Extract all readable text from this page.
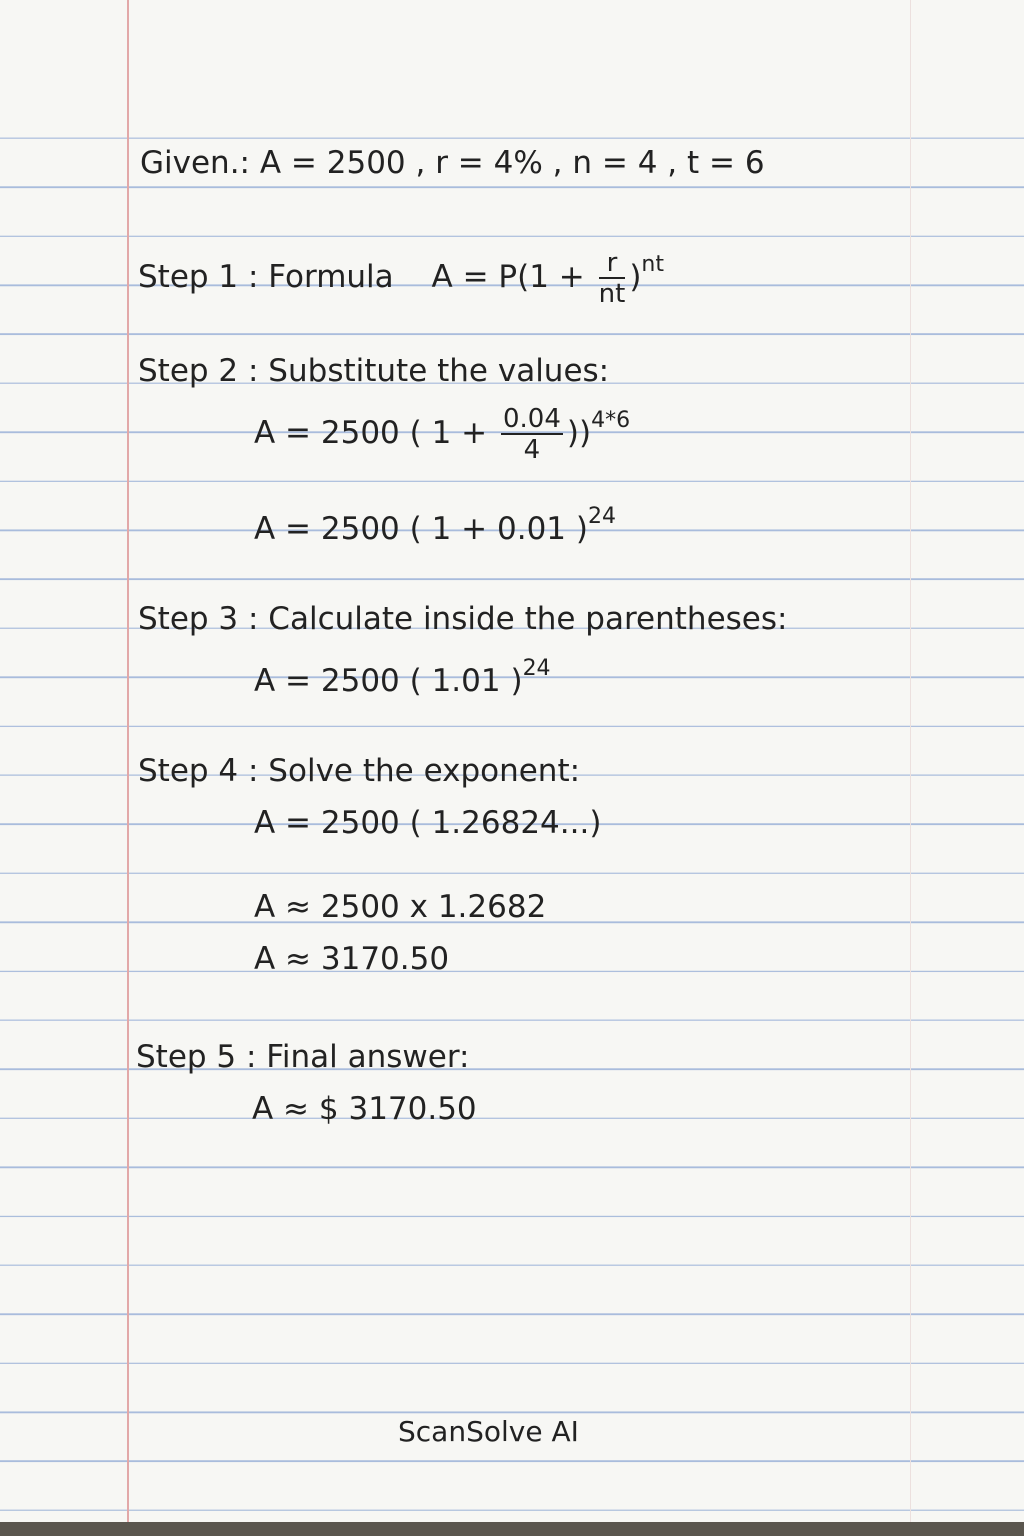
Given.: A = 2500 , r = 4% , n = 4 , t = 6
Step 1 : Formula $A = P(1 + \frac{r}{nt} )^{nt}$
Step 2 : Substitute the values:
A = 2500 ( $1 + \frac{0.04}{4} ))^{4*6}$
A = 2500 ( 1 + 0.01 )$^{24}$
Step 3 : Calculate inside the parentheses:
A = 2500 ( 1.01 )$^{24}$
Step 4 : Solve the exponent:
A = 2500 ( 1.26824...)
A ≈ 2500 x 1.2682
A ≈ 3170.50
Step 5 : Final answer:
A ≈ $ 3170.50
ScanSolve AI
